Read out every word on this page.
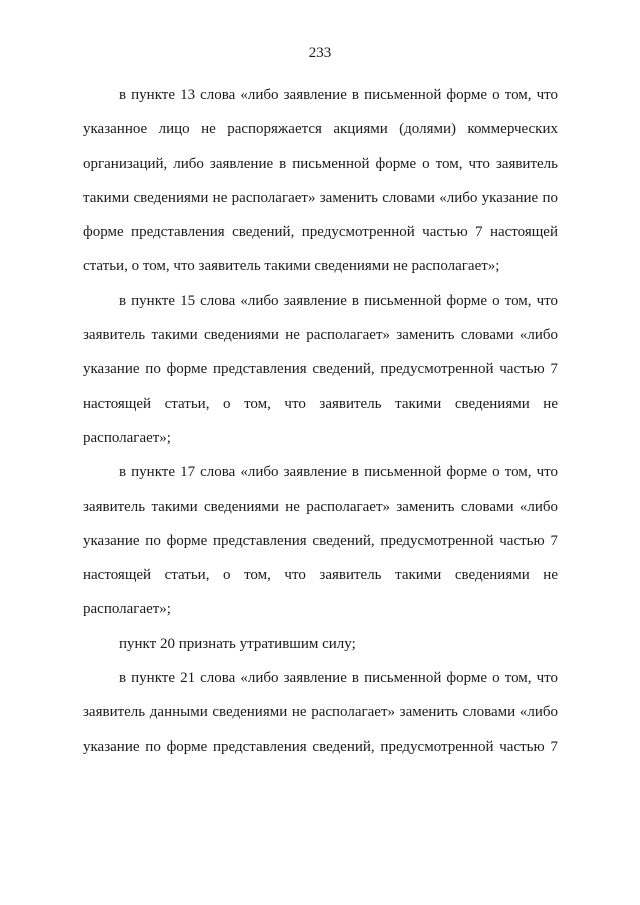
233

в пункте 13 слова «либо заявление в письменной форме о том, что указанное лицо не распоряжается акциями (долями) коммерческих организаций, либо заявление в письменной форме о том, что заявитель такими сведениями не располагает» заменить словами «либо указание по форме представления сведений, предусмотренной частью 7 настоящей статьи, о том, что заявитель такими сведениями не располагает»;

в пункте 15 слова «либо заявление в письменной форме о том, что заявитель такими сведениями не располагает» заменить словами «либо указание по форме представления сведений, предусмотренной частью 7 настоящей статьи, о том, что заявитель такими сведениями не располагает»;

в пункте 17 слова «либо заявление в письменной форме о том, что заявитель такими сведениями не располагает» заменить словами «либо указание по форме представления сведений, предусмотренной частью 7 настоящей статьи, о том, что заявитель такими сведениями не располагает»;

пункт 20 признать утратившим силу;

в пункте 21 слова «либо заявление в письменной форме о том, что заявитель данными сведениями не располагает» заменить словами «либо указание по форме представления сведений, предусмотренной частью 7
